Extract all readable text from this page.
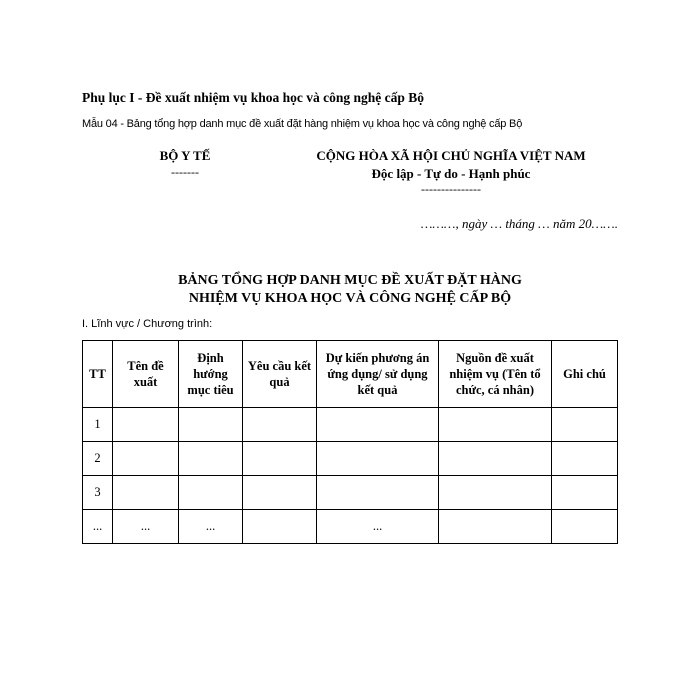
Phụ lục I - Đề xuất nhiệm vụ khoa học và công nghệ cấp Bộ
Mẫu 04 - Bảng tổng hợp danh mục đề xuất đặt hàng nhiệm vụ khoa học và công nghệ cấp Bộ
BỘ Y TẾ
-------
CỘNG HÒA XÃ HỘI CHỦ NGHĨA VIỆT NAM
Độc lập - Tự do - Hạnh phúc
---------------
………, ngày … tháng … năm 20…….
BẢNG TỔNG HỢP DANH MỤC ĐỀ XUẤT ĐẶT HÀNG
NHIỆM VỤ KHOA HỌC VÀ CÔNG NGHỆ CẤP BỘ
I. Lĩnh vực / Chương trình:
TT	Tên đề xuất	Định hướng mục tiêu	Yêu cầu kết quả	Dự kiến phương án ứng dụng/ sử dụng kết quả	Nguồn đề xuất nhiệm vụ (Tên tổ chức, cá nhân)	Ghi chú
1						
2						
3						
...	...	...		...		
